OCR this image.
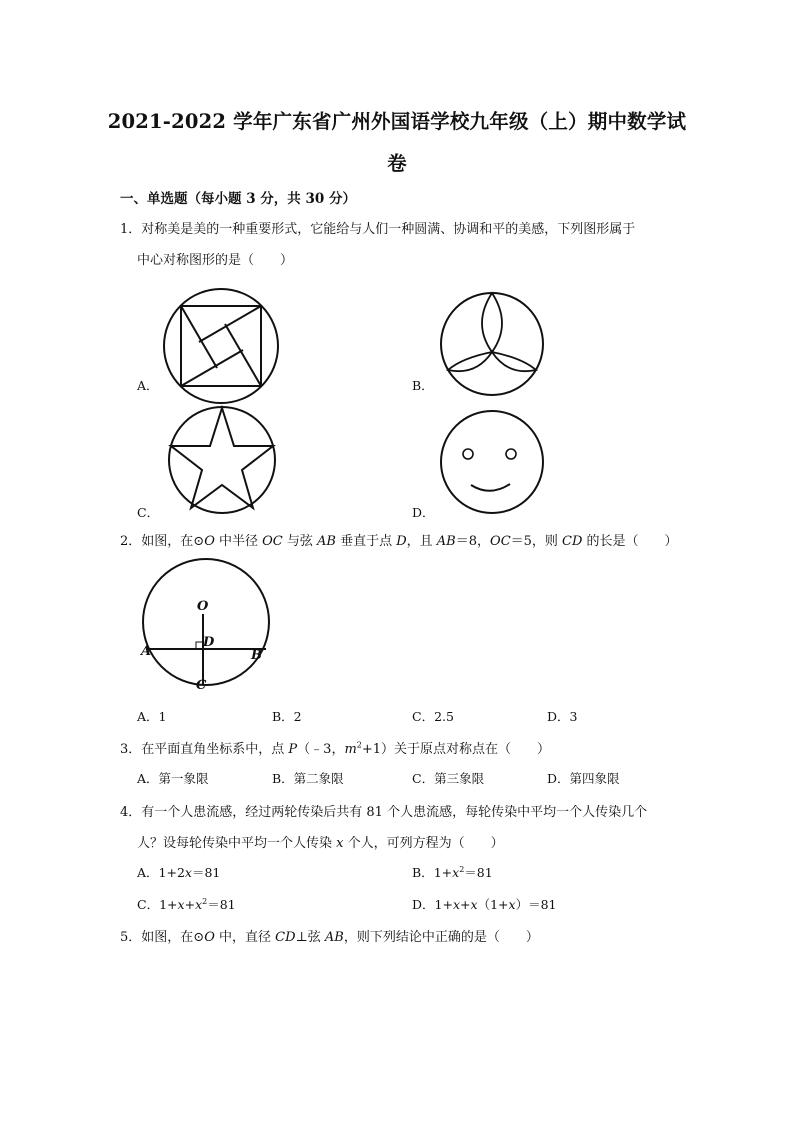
2021-2022 学年广东省广州外国语学校九年级（上）期中数学试
卷
一、单选题（每小题 3 分，共 30 分）
1．对称美是美的一种重要形式，它能给与人们一种圆满、协调和平的美感，下列图形属于
中心对称图形的是（　　）
A．	B．
C．	D．
2．如图，在⊙O 中半径 OC 与弦 AB 垂直于点 D，且 AB＝8，OC＝5，则 CD 的长是（　　）
O
D
A	B
C
A．1	B．2	C．2.5	D．3
3．在平面直角坐标系中，点 P（﹣3，$m^2+1$）关于原点对称点在（　　）
A．第一象限	B．第二象限	C．第三象限	D．第四象限
4．有一个人患流感，经过两轮传染后共有 81 个人患流感，每轮传染中平均一个人传染几个
人？设每轮传染中平均一个人传染 x 个人，可列方程为（　　）
A．1+2x＝81	B．$1+x^2=81$
C．$1+x+x^2=81$	D．1+x+x（1+x）＝81
5．如图，在⊙O 中，直径 CD⊥弦 AB，则下列结论中正确的是（　　）
